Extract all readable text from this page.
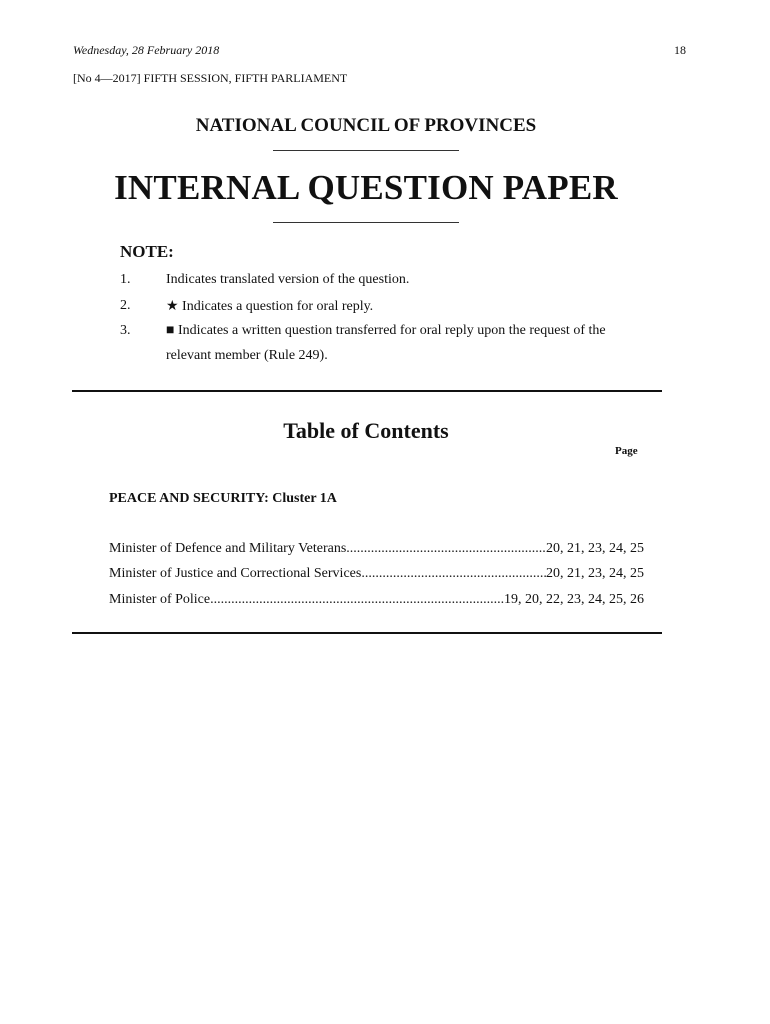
Wednesday, 28 February 2018	18
[No 4—2017] FIFTH SESSION, FIFTH PARLIAMENT
NATIONAL COUNCIL OF PROVINCES
INTERNAL QUESTION PAPER
NOTE:
1.	Indicates translated version of the question.
2.	★ Indicates a question for oral reply.
3.	■ Indicates a written question transferred for oral reply upon the request of the
relevant member (Rule 249).
Table of Contents
Page
PEACE AND SECURITY: Cluster 1A
Minister of Defence and Military Veterans .....	20, 21, 23, 24, 25
Minister of Justice and Correctional Services .....	20, 21, 23, 24, 25
Minister of Police .....	19, 20, 22, 23, 24, 25, 26
